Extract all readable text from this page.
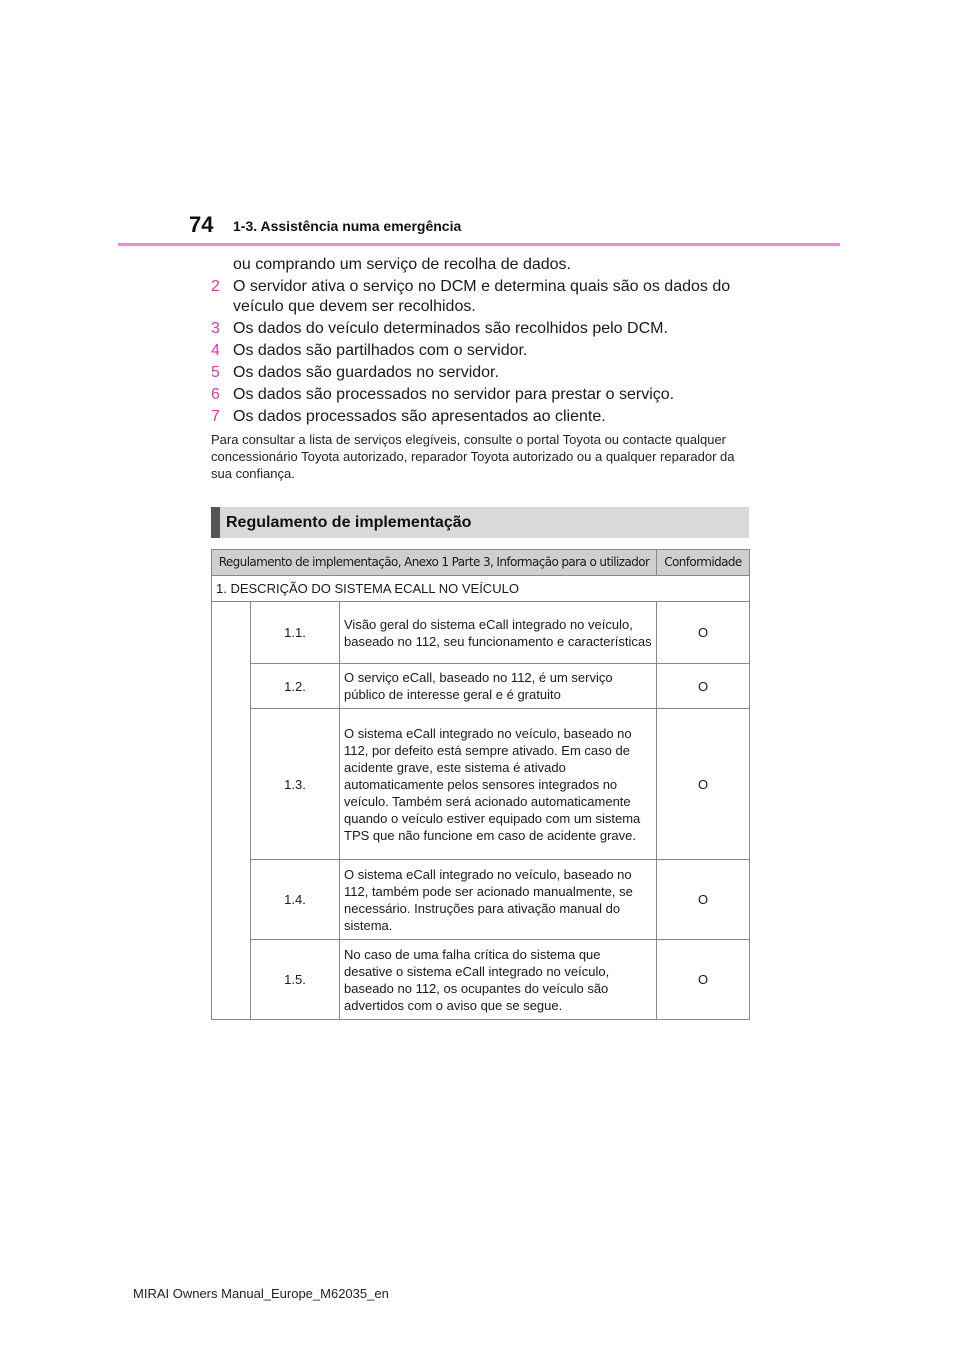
74 1-3. Assistência numa emergência
ou comprando um serviço de recolha de dados.
2 O servidor ativa o serviço no DCM e determina quais são os dados do veículo que devem ser recolhidos.
3 Os dados do veículo determinados são recolhidos pelo DCM.
4 Os dados são partilhados com o servidor.
5 Os dados são guardados no servidor.
6 Os dados são processados no servidor para prestar o serviço.
7 Os dados processados são apresentados ao cliente.
Para consultar a lista de serviços elegíveis, consulte o portal Toyota ou contacte qualquer concessionário Toyota autorizado, reparador Toyota autorizado ou a qualquer reparador da sua confiança.
Regulamento de implementação
Regulamento de implementação, Anexo 1 Parte 3, Informação para o utilizador			Conformidade
1. DESCRIÇÃO DO SISTEMA ECALL NO VEÍCULO			
	1.1.	Visão geral do sistema eCall integrado no veículo, baseado no 112, seu funcionamento e características	O
	1.2.	O serviço eCall, baseado no 112, é um serviço público de interesse geral e é gratuito	O
	1.3.	O sistema eCall integrado no veículo, baseado no 112, por defeito está sempre ativado. Em caso de acidente grave, este sistema é ativado automaticamente pelos sensores integrados no veículo. Também será acionado automaticamente quando o veículo estiver equipado com um sistema TPS que não funcione em caso de acidente grave.	O
	1.4.	O sistema eCall integrado no veículo, baseado no 112, também pode ser acionado manualmente, se necessário. Instruções para ativação manual do sistema.	O
	1.5.	No caso de uma falha crítica do sistema que desative o sistema eCall integrado no veículo, baseado no 112, os ocupantes do veículo são advertidos com o aviso que se segue.	O
MIRAI Owners Manual_Europe_M62035_en
